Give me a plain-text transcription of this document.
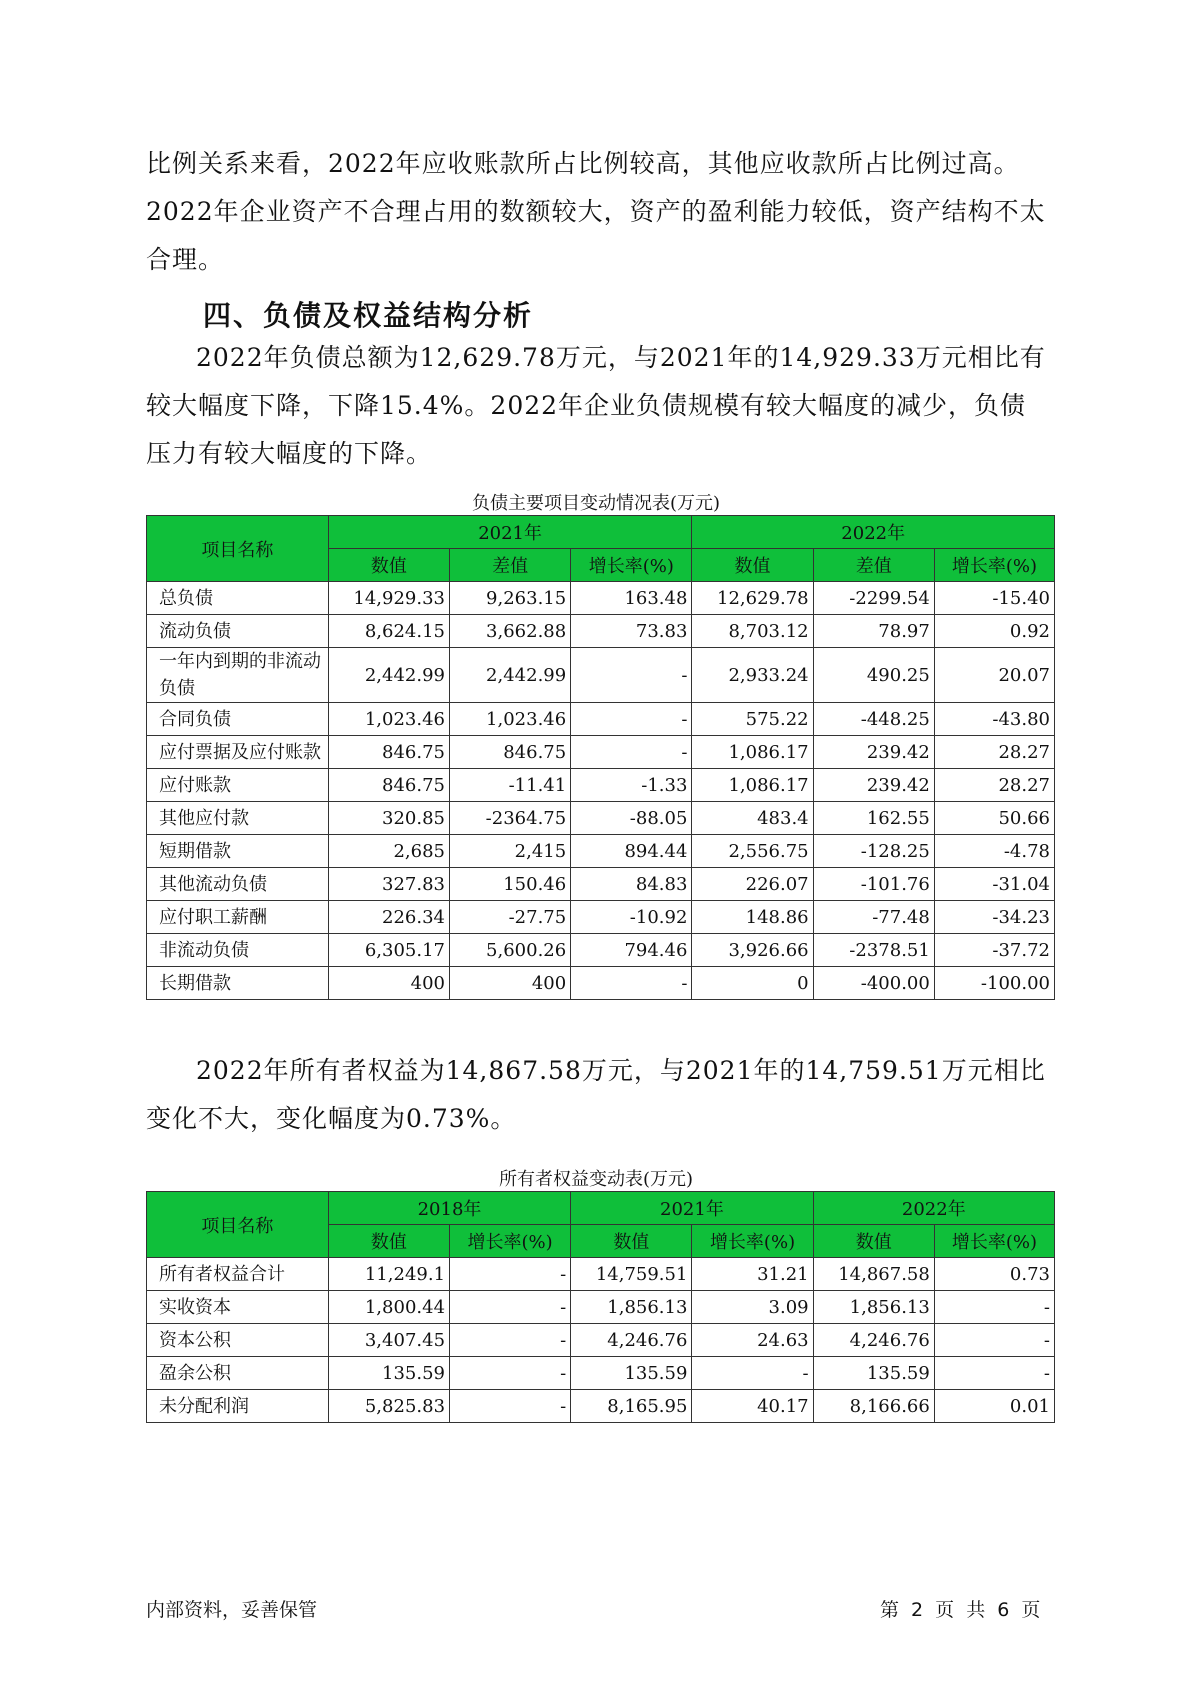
比例关系来看，2022年应收账款所占比例较高，其他应收款所占比例过高。2022年企业资产不合理占用的数额较大，资产的盈利能力较低，资产结构不太合理。

四、负债及权益结构分析

2022年负债总额为12,629.78万元，与2021年的14,929.33万元相比有较大幅度下降，下降15.4%。2022年企业负债规模有较大幅度的减少，负债压力有较大幅度的下降。

负债主要项目变动情况表(万元)

项目名称	2021年			2022年		
	数值	差值	增长率(%)	数值	差值	增长率(%)
总负债	14,929.33	9,263.15	163.48	12,629.78	-2299.54	-15.40
流动负债	8,624.15	3,662.88	73.83	8,703.12	78.97	0.92
一年内到期的非流动负债	2,442.99	2,442.99	-	2,933.24	490.25	20.07
合同负债	1,023.46	1,023.46	-	575.22	-448.25	-43.80
应付票据及应付账款	846.75	846.75	-	1,086.17	239.42	28.27
应付账款	846.75	-11.41	-1.33	1,086.17	239.42	28.27
其他应付款	320.85	-2364.75	-88.05	483.4	162.55	50.66
短期借款	2,685	2,415	894.44	2,556.75	-128.25	-4.78
其他流动负债	327.83	150.46	84.83	226.07	-101.76	-31.04
应付职工薪酬	226.34	-27.75	-10.92	148.86	-77.48	-34.23
非流动负债	6,305.17	5,600.26	794.46	3,926.66	-2378.51	-37.72
长期借款	400	400	-	0	-400.00	-100.00

2022年所有者权益为14,867.58万元，与2021年的14,759.51万元相比变化不大，变化幅度为0.73%。

所有者权益变动表(万元)

项目名称	2018年		2021年		2022年	
	数值	增长率(%)	数值	增长率(%)	数值	增长率(%)
所有者权益合计	11,249.1	-	14,759.51	31.21	14,867.58	0.73
实收资本	1,800.44	-	1,856.13	3.09	1,856.13	-
资本公积	3,407.45	-	4,246.76	24.63	4,246.76	-
盈余公积	135.59	-	135.59	-	135.59	-
未分配利润	5,825.83	-	8,165.95	40.17	8,166.66	0.01
内部资料，妥善保管	第 2 页 共 6 页
